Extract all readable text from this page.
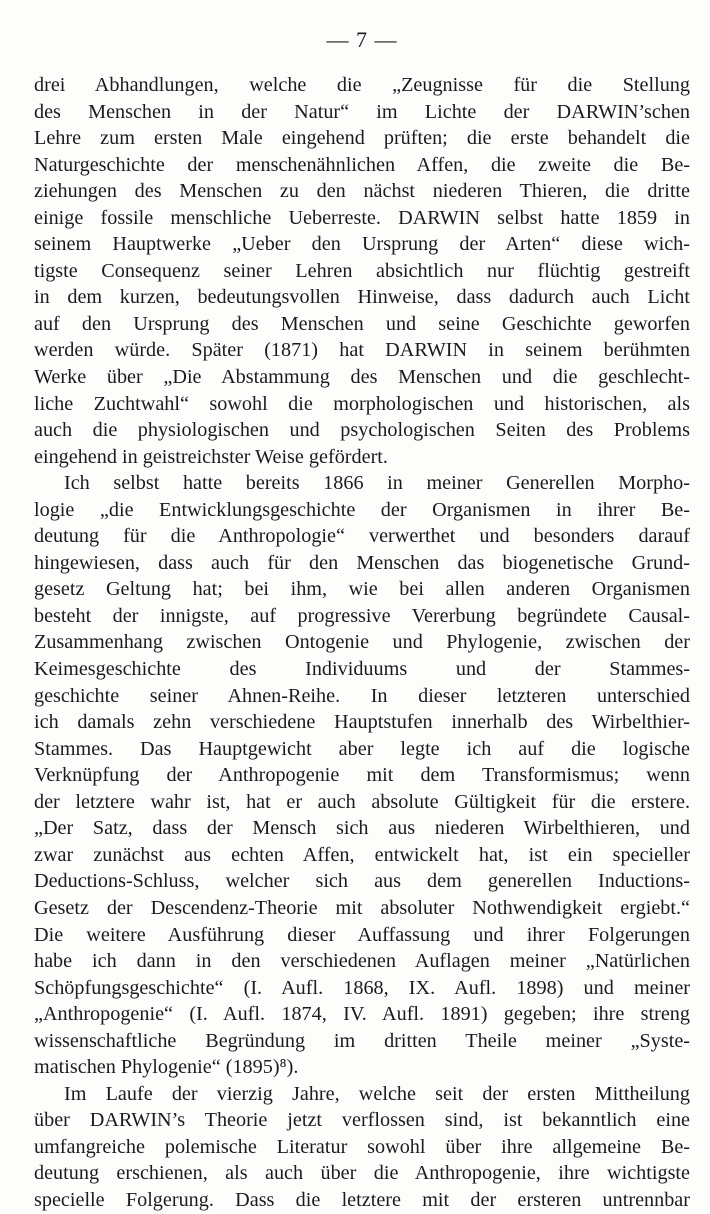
— 7 —
drei Abhandlungen, welche die „Zeugnisse für die Stellung
des Menschen in der Natur“ im Lichte der DARWIN’schen
Lehre zum ersten Male eingehend prüften; die erste behandelt die
Naturgeschichte der menschenähnlichen Affen, die zweite die Be-
ziehungen des Menschen zu den nächst niederen Thieren, die dritte
einige fossile menschliche Ueberreste. DARWIN selbst hatte 1859 in
seinem Hauptwerke „Ueber den Ursprung der Arten“ diese wich-
tigste Consequenz seiner Lehren absichtlich nur flüchtig gestreift
in dem kurzen, bedeutungsvollen Hinweise, dass dadurch auch Licht
auf den Ursprung des Menschen und seine Geschichte geworfen
werden würde. Später (1871) hat DARWIN in seinem berühmten
Werke über „Die Abstammung des Menschen und die geschlecht-
liche Zuchtwahl“ sowohl die morphologischen und historischen, als
auch die physiologischen und psychologischen Seiten des Problems
eingehend in geistreichster Weise gefördert.
Ich selbst hatte bereits 1866 in meiner Generellen Morpho-
logie „die Entwicklungsgeschichte der Organismen in ihrer Be-
deutung für die Anthropologie“ verwerthet und besonders darauf
hingewiesen, dass auch für den Menschen das biogenetische Grund-
gesetz Geltung hat; bei ihm, wie bei allen anderen Organismen
besteht der innigste, auf progressive Vererbung begründete Causal-
Zusammenhang zwischen Ontogenie und Phylogenie, zwischen der
Keimesgeschichte des Individuums und der Stammes-
geschichte seiner Ahnen-Reihe. In dieser letzteren unterschied
ich damals zehn verschiedene Hauptstufen innerhalb des Wirbelthier-
Stammes. Das Hauptgewicht aber legte ich auf die logische
Verknüpfung der Anthropogenie mit dem Transformismus; wenn
der letztere wahr ist, hat er auch absolute Gültigkeit für die erstere.
„Der Satz, dass der Mensch sich aus niederen Wirbelthieren, und
zwar zunächst aus echten Affen, entwickelt hat, ist ein specieller
Deductions-Schluss, welcher sich aus dem generellen Inductions-
Gesetz der Descendenz-Theorie mit absoluter Nothwendigkeit ergiebt.“
Die weitere Ausführung dieser Auffassung und ihrer Folgerungen
habe ich dann in den verschiedenen Auflagen meiner „Natürlichen
Schöpfungsgeschichte“ (I. Aufl. 1868, IX. Aufl. 1898) und meiner
„Anthropogenie“ (I. Aufl. 1874, IV. Aufl. 1891) gegeben; ihre streng
wissenschaftliche Begründung im dritten Theile meiner „Syste-
matischen Phylogenie“ (1895)⁸).
Im Laufe der vierzig Jahre, welche seit der ersten Mittheilung
über DARWIN’s Theorie jetzt verflossen sind, ist bekanntlich eine
umfangreiche polemische Literatur sowohl über ihre allgemeine Be-
deutung erschienen, als auch über die Anthropogenie, ihre wichtigste
specielle Folgerung. Dass die letztere mit der ersteren untrennbar
